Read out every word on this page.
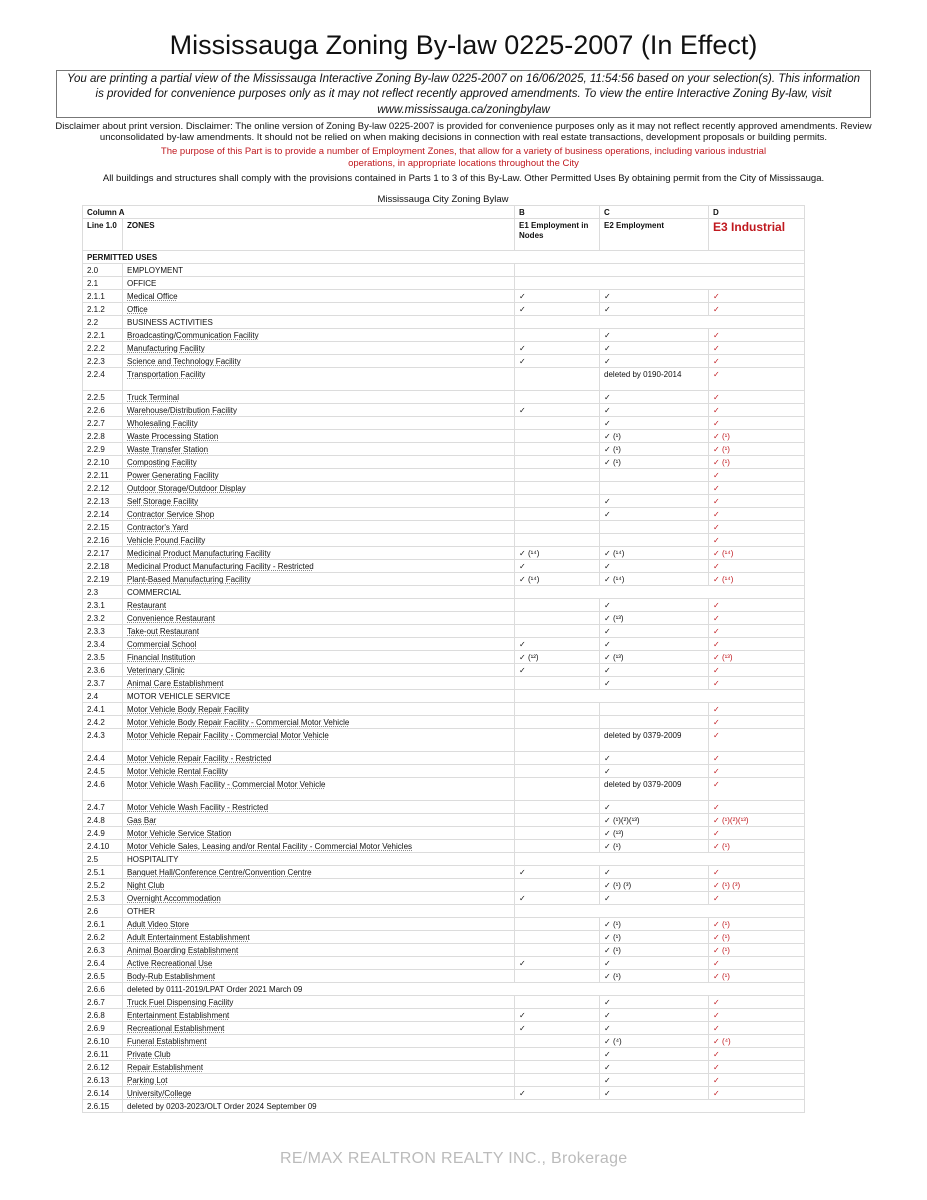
Mississauga Zoning By-law 0225-2007 (In Effect)
You are printing a partial view of the Mississauga Interactive Zoning By-law 0225-2007 on 16/06/2025, 11:54:56 based on your selection(s). This information is provided for convenience purposes only as it may not reflect recently approved amendments. To view the entire Interactive Zoning By-law, visit www.mississauga.ca/zoningbylaw
Disclaimer about print version. Disclaimer: The online version of Zoning By-law 0225-2007 is provided for convenience purposes only as it may not reflect recently approved amendments. Review unconsolidated by-law amendments. It should not be relied on when making decisions in connection with real estate transactions, development proposals or building permits.
The purpose of this Part is to provide a number of Employment Zones, that allow for a variety of business operations, including various industrial operations, in appropriate locations throughout the City
All buildings and structures shall comply with the provisions contained in Parts 1 to 3 of this By-Law. Other Permitted Uses By obtaining permit from the City of Mississauga.
Mississauga City Zoning Bylaw
Column A		B	C	D
Line 1.0	ZONES	E1 Employment in Nodes	E2 Employment	E3 Industrial
PERMITTED USES				
2.0	EMPLOYMENT			
2.1	OFFICE			
2.1.1	Medical Office	✓	✓	✓
2.1.2	Office	✓	✓	✓
2.2	BUSINESS ACTIVITIES			
2.2.1	Broadcasting/Communication Facility		✓	✓
2.2.2	Manufacturing Facility	✓	✓	✓
2.2.3	Science and Technology Facility	✓	✓	✓
2.2.4	Transportation Facility		deleted by 0190-2014	✓
2.2.5	Truck Terminal		✓	✓
2.2.6	Warehouse/Distribution Facility	✓	✓	✓
2.2.7	Wholesaling Facility		✓	✓
2.2.8	Waste Processing Station		✓ (¹)	✓ (¹)
2.2.9	Waste Transfer Station		✓ (¹)	✓ (¹)
2.2.10	Composting Facility		✓ (¹)	✓ (¹)
2.2.11	Power Generating Facility			✓
2.2.12	Outdoor Storage/Outdoor Display			✓
2.2.13	Self Storage Facility		✓	✓
2.2.14	Contractor Service Shop		✓	✓
2.2.15	Contractor's Yard			✓
2.2.16	Vehicle Pound Facility			✓
2.2.17	Medicinal Product Manufacturing Facility	✓ (¹⁴)	✓ (¹⁴)	✓ (¹⁴)
2.2.18	Medicinal Product Manufacturing Facility - Restricted	✓	✓	✓
2.2.19	Plant-Based Manufacturing Facility	✓ (¹⁴)	✓ (¹⁴)	✓ (¹⁴)
2.3	COMMERCIAL			
2.3.1	Restaurant		✓	✓
2.3.2	Convenience Restaurant		✓ (¹³)	✓
2.3.3	Take-out Restaurant		✓	✓
2.3.4	Commercial School	✓	✓	✓
2.3.5	Financial Institution	✓ (¹²)	✓ (¹³)	✓ (¹³)
2.3.6	Veterinary Clinic	✓	✓	✓
2.3.7	Animal Care Establishment		✓	✓
2.4	MOTOR VEHICLE SERVICE			
2.4.1	Motor Vehicle Body Repair Facility			✓
2.4.2	Motor Vehicle Body Repair Facility - Commercial Motor Vehicle			✓
2.4.3	Motor Vehicle Repair Facility - Commercial Motor Vehicle		deleted by 0379-2009	✓
2.4.4	Motor Vehicle Repair Facility - Restricted		✓	✓
2.4.5	Motor Vehicle Rental Facility		✓	✓
2.4.6	Motor Vehicle Wash Facility - Commercial Motor Vehicle		deleted by 0379-2009	✓
2.4.7	Motor Vehicle Wash Facility - Restricted		✓	✓
2.4.8	Gas Bar		✓ (¹)(²)(¹³)	✓ (¹)(²)(¹³)
2.4.9	Motor Vehicle Service Station		✓ (¹³)	✓
2.4.10	Motor Vehicle Sales, Leasing and/or Rental Facility - Commercial Motor Vehicles		✓ (¹)	✓ (¹)
2.5	HOSPITALITY			
2.5.1	Banquet Hall/Conference Centre/Convention Centre	✓	✓	✓
2.5.2	Night Club		✓ (¹) (³)	✓ (¹) (³)
2.5.3	Overnight Accommodation	✓	✓	✓
2.6	OTHER			
2.6.1	Adult Video Store		✓ (¹)	✓ (¹)
2.6.2	Adult Entertainment Establishment		✓ (¹)	✓ (¹)
2.6.3	Animal Boarding Establishment		✓ (¹)	✓ (¹)
2.6.4	Active Recreational Use	✓	✓	✓
2.6.5	Body-Rub Establishment		✓ (¹)	✓ (¹)
2.6.6	deleted by 0111-2019/LPAT Order 2021 March 09			
2.6.7	Truck Fuel Dispensing Facility		✓	✓
2.6.8	Entertainment Establishment	✓	✓	✓
2.6.9	Recreational Establishment	✓	✓	✓
2.6.10	Funeral Establishment		✓ (⁴)	✓ (⁴)
2.6.11	Private Club		✓	✓
2.6.12	Repair Establishment		✓	✓
2.6.13	Parking Lot		✓	✓
2.6.14	University/College	✓	✓	✓
2.6.15	deleted by 0203-2023/OLT Order 2024 September 09			
RE/MAX REALTRON REALTY INC., Brokerage
